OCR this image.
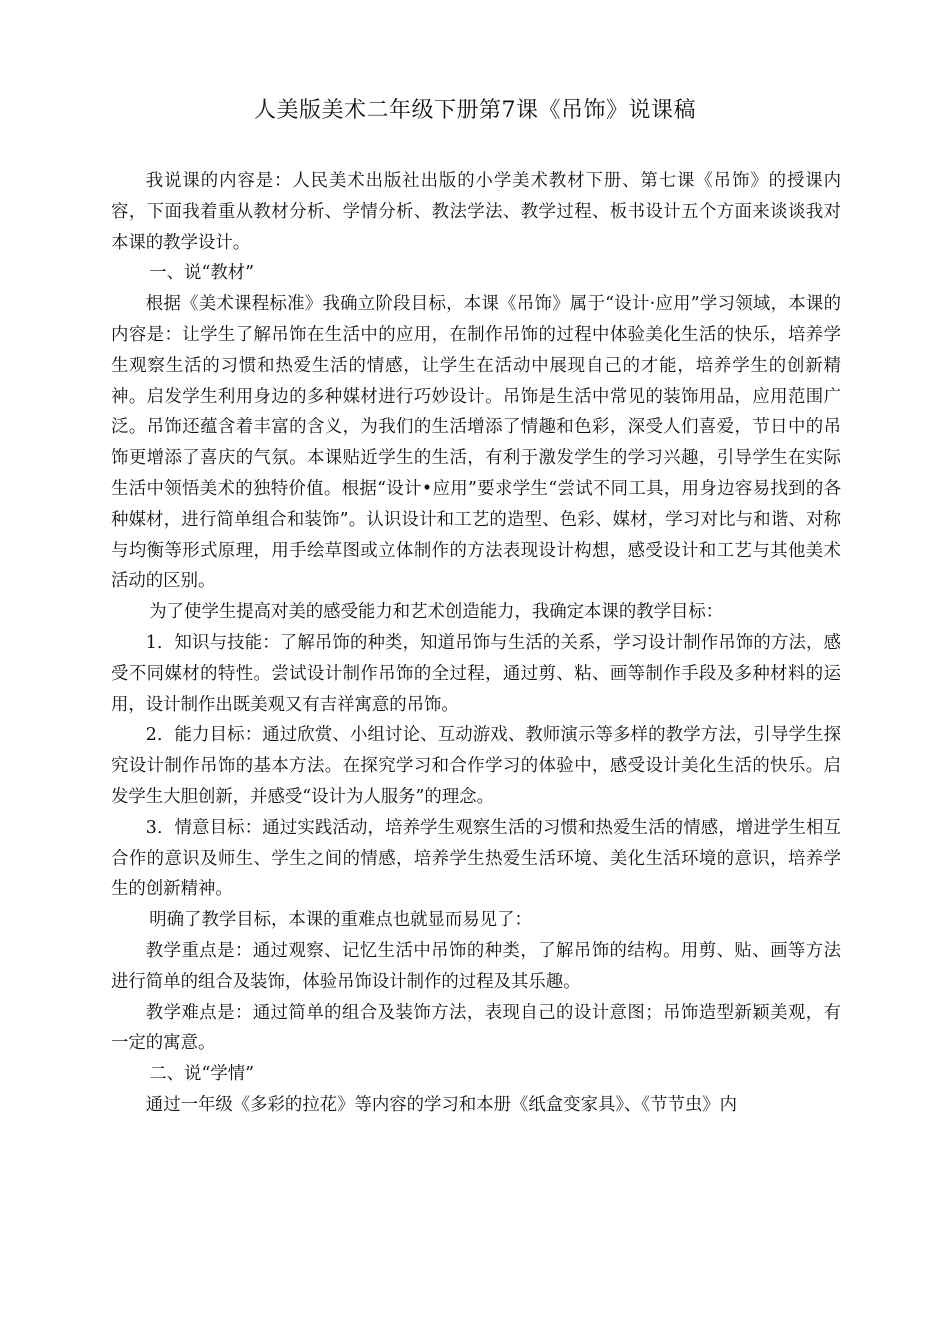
人美版美术二年级下册第7课《吊饰》说课稿

我说课的内容是：人民美术出版社出版的小学美术教材下册、第七课《吊饰》的授课内容，下面我着重从教材分析、学情分析、教法学法、教学过程、板书设计五个方面来谈谈我对本课的教学设计。

一、说“教材”

根据《美术课程标准》我确立阶段目标，本课《吊饰》属于“设计·应用”学习领域，本课的内容是：让学生了解吊饰在生活中的应用，在制作吊饰的过程中体验美化生活的快乐，培养学生观察生活的习惯和热爱生活的情感，让学生在活动中展现自己的才能，培养学生的创新精神。启发学生利用身边的多种媒材进行巧妙设计。吊饰是生活中常见的装饰用品，应用范围广泛。吊饰还蕴含着丰富的含义，为我们的生活增添了情趣和色彩，深受人们喜爱，节日中的吊饰更增添了喜庆的气氛。本课贴近学生的生活，有利于激发学生的学习兴趣，引导学生在实际生活中领悟美术的独特价值。根据“设计•应用”要求学生“尝试不同工具，用身边容易找到的各种媒材，进行简单组合和装饰”。认识设计和工艺的造型、色彩、媒材，学习对比与和谐、对称与均衡等形式原理，用手绘草图或立体制作的方法表现设计构想，感受设计和工艺与其他美术活动的区别。

为了使学生提高对美的感受能力和艺术创造能力，我确定本课的教学目标：

1．知识与技能：了解吊饰的种类，知道吊饰与生活的关系，学习设计制作吊饰的方法，感受不同媒材的特性。尝试设计制作吊饰的全过程，通过剪、粘、画等制作手段及多种材料的运用，设计制作出既美观又有吉祥寓意的吊饰。

2．能力目标：通过欣赏、小组讨论、互动游戏、教师演示等多样的教学方法，引导学生探究设计制作吊饰的基本方法。在探究学习和合作学习的体验中，感受设计美化生活的快乐。启发学生大胆创新，并感受“设计为人服务”的理念。

3．情意目标：通过实践活动，培养学生观察生活的习惯和热爱生活的情感，增进学生相互合作的意识及师生、学生之间的情感，培养学生热爱生活环境、美化生活环境的意识，培养学生的创新精神。

明确了教学目标，本课的重难点也就显而易见了：

教学重点是：通过观察、记忆生活中吊饰的种类，了解吊饰的结构。用剪、贴、画等方法进行简单的组合及装饰，体验吊饰设计制作的过程及其乐趣。

教学难点是：通过简单的组合及装饰方法，表现自己的设计意图；吊饰造型新颖美观，有一定的寓意。

二、说“学情”

通过一年级《多彩的拉花》等内容的学习和本册《纸盒变家具》、《节节虫》内
